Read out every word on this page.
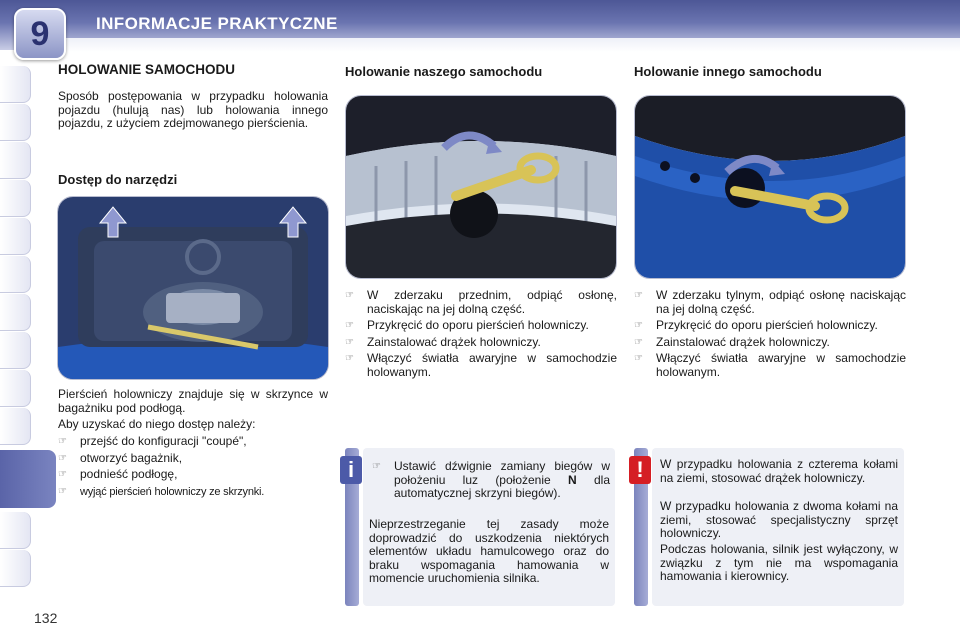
9	INFORMACJE PRAKTYCZNE
132
HOLOWANIE SAMOCHODU
Sposób postępowania w przypadku holowania pojazdu (hulują nas) lub holowania innego pojazdu, z użyciem zdejmowanego pierścienia.
Dostęp do narzędzi
Pierścień holowniczy znajduje się w skrzynce w bagażniku pod podłogą.
Aby uzyskać do niego dostęp należy:
☞ przejść do konfiguracji "coupé",
☞ otworzyć bagażnik,
☞ podnieść podłogę,
☞ wyjąć pierścień holowniczy ze skrzynki.
Holowanie naszego samochodu
☞ W zderzaku przednim, odpiąć osłonę, naciskając na jej dolną część.
☞ Przykręcić do oporu pierścień holowniczy.
☞ Zainstalować drążek holowniczy.
☞ Włączyć światła awaryjne w samochodzie holowanym.
i	☞ Ustawić dźwignie zamiany biegów w położeniu luz (położenie N dla automatycznej skrzyni biegów).
Nieprzestrzeganie tej zasady może doprowadzić do uszkodzenia niektórych elementów układu hamulcowego oraz do braku wspomagania hamowania w momencie uruchomienia silnika.
Holowanie innego samochodu
☞ W zderzaku tylnym, odpiąć osłonę naciskając na jej dolną część.
☞ Przykręcić do oporu pierścień holowniczy.
☞ Zainstalować drążek holowniczy.
☞ Włączyć światła awaryjne w samochodzie holowanym.
!	W przypadku holowania z czterema kołami na ziemi, stosować drążek holowniczy.
W przypadku holowania z dwoma kołami na ziemi, stosować specjalistyczny sprzęt holowniczy.
Podczas holowania, silnik jest wyłączony, w związku z tym nie ma wspomagania hamowania i kierownicy.
